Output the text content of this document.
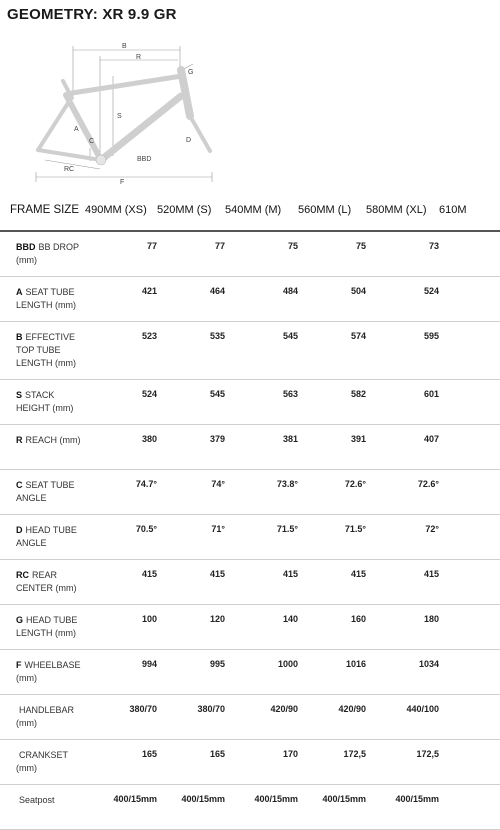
GEOMETRY: XR 9.9 GR
B
R
G
S
A
C	D
BBD
RC
F
FRAME SIZE	490MM (XS)	520MM (S)	540MM (M)	560MM (L)	580MM (XL)	610M
BBD BB DROP (mm)	77	77	75	75	73	
A SEAT TUBE LENGTH (mm)	421	464	484	504	524	
B EFFECTIVE TOP TUBE LENGTH (mm)	523	535	545	574	595	
S STACK HEIGHT (mm)	524	545	563	582	601	
R REACH (mm)	380	379	381	391	407	
C SEAT TUBE ANGLE	74.7°	74°	73.8°	72.6°	72.6°	
D HEAD TUBE ANGLE	70.5°	71°	71.5°	71.5°	72°	
RC REAR CENTER (mm)	415	415	415	415	415	
G HEAD TUBE LENGTH (mm)	100	120	140	160	180	
F WHEELBASE (mm)	994	995	1000	1016	1034	
HANDLEBAR (mm)	380/70	380/70	420/90	420/90	440/100	
CRANKSET (mm)	165	165	170	172,5	172,5	
Seatpost	400/15mm	400/15mm	400/15mm	400/15mm	400/15mm	
